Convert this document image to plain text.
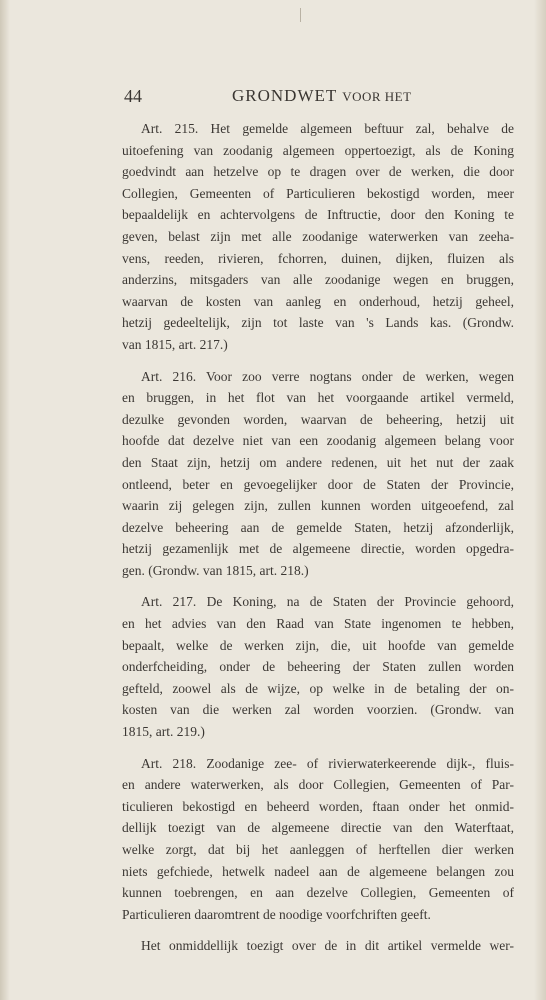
44	GRONDWET VOOR HET
Art. 215. Het gemelde algemeen beftuur zal, behalve de
uitoefening van zoodanig algemeen oppertoezigt, als de Koning
goedvindt aan hetzelve op te dragen over de werken, die door
Collegien, Gemeenten of Particulieren bekostigd worden, meer
bepaaldelijk en achtervolgens de Inftructie, door den Koning te
geven, belast zijn met alle zoodanige waterwerken van zeeha-
vens, reeden, rivieren, fchorren, duinen, dijken, fluizen als
anderzins, mitsgaders van alle zoodanige wegen en bruggen,
waarvan de kosten van aanleg en onderhoud, hetzij geheel,
hetzij gedeeltelijk, zijn tot laste van 's Lands kas. (Grondw.
van 1815, art. 217.)
Art. 216. Voor zoo verre nogtans onder de werken, wegen
en bruggen, in het flot van het voorgaande artikel vermeld,
dezulke gevonden worden, waarvan de beheering, hetzij uit
hoofde dat dezelve niet van een zoodanig algemeen belang voor
den Staat zijn, hetzij om andere redenen, uit het nut der zaak
ontleend, beter en gevoegelijker door de Staten der Provincie,
waarin zij gelegen zijn, zullen kunnen worden uitgeoefend, zal
dezelve beheering aan de gemelde Staten, hetzij afzonderlijk,
hetzij gezamenlijk met de algemeene directie, worden opgedra-
gen. (Grondw. van 1815, art. 218.)
Art. 217. De Koning, na de Staten der Provincie gehoord,
en het advies van den Raad van State ingenomen te hebben,
bepaalt, welke de werken zijn, die, uit hoofde van gemelde
onderfcheiding, onder de beheering der Staten zullen worden
gefteld, zoowel als de wijze, op welke in de betaling der on-
kosten van die werken zal worden voorzien. (Grondw. van
1815, art. 219.)
Art. 218. Zoodanige zee- of rivierwaterkeerende dijk-, fluis-
en andere waterwerken, als door Collegien, Gemeenten of Par-
ticulieren bekostigd en beheerd worden, ftaan onder het onmid-
dellijk toezigt van de algemeene directie van den Waterftaat,
welke zorgt, dat bij het aanleggen of herftellen dier werken
niets gefchiede, hetwelk nadeel aan de algemeene belangen zou
kunnen toebrengen, en aan dezelve Collegien, Gemeenten of
Particulieren daaromtrent de noodige voorfchriften geeft.
Het onmiddellijk toezigt over de in dit artikel vermelde wer-
